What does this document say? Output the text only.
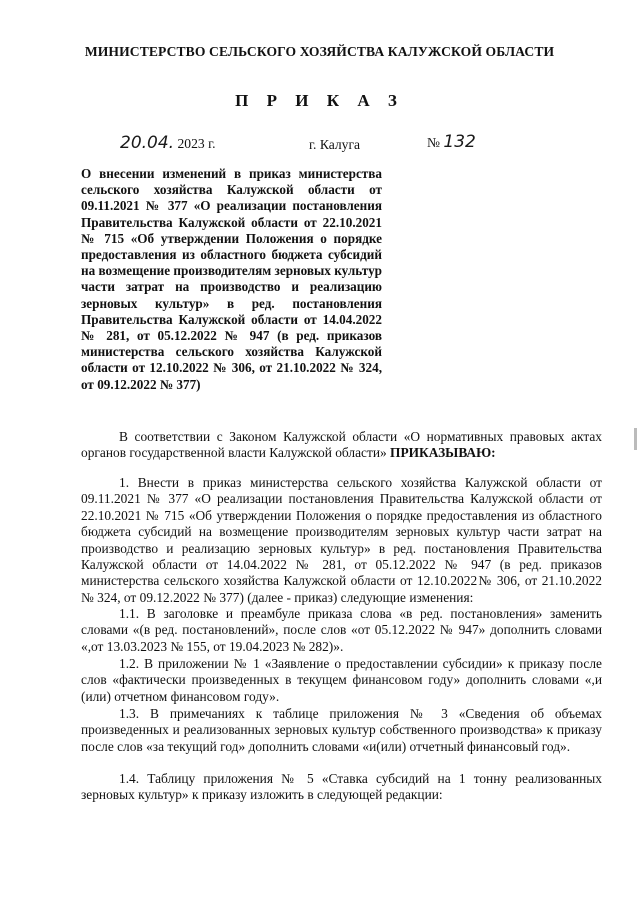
МИНИСТЕРСТВО СЕЛЬСКОГО ХОЗЯЙСТВА КАЛУЖСКОЙ ОБЛАСТИ
П Р И К А З
20.04. 2023 г.	г. Калуга	№ 132
О внесении изменений в приказ министерства сельского хозяйства Калужской области от 09.11.2021 № 377 «О реализации постановления Правительства Калужской области от 22.10.2021 № 715 «Об утверждении Положения о порядке предоставления из областного бюджета субсидий на возмещение производителям зерновых культур части затрат на производство и реализацию зерновых культур» в ред. постановления Правительства Калужской области от 14.04.2022 № 281, от 05.12.2022 № 947 (в ред. приказов министерства сельского хозяйства Калужской области от 12.10.2022 № 306, от 21.10.2022 № 324, от 09.12.2022 № 377)

В соответствии с Законом Калужской области «О нормативных правовых актах органов государственной власти Калужской области» ПРИКАЗЫВАЮ:

1. Внести в приказ министерства сельского хозяйства Калужской области от 09.11.2021 № 377 «О реализации постановления Правительства Калужской области от 22.10.2021 № 715 «Об утверждении Положения о порядке предоставления из областного бюджета субсидий на возмещение производителям зерновых культур части затрат на производство и реализацию зерновых культур» в ред. постановления Правительства Калужской области от 14.04.2022 № 281, от 05.12.2022 № 947 (в ред. приказов министерства сельского хозяйства Калужской области от 12.10.2022№ 306, от 21.10.2022 № 324, от 09.12.2022 № 377) (далее - приказ) следующие изменения:

1.1. В заголовке и преамбуле приказа слова «в ред. постановления» заменить словами «(в ред. постановлений», после слов «от 05.12.2022 № 947» дополнить словами «,от 13.03.2023 № 155, от 19.04.2023 № 282)».

1.2. В приложении № 1 «Заявление о предоставлении субсидии» к приказу после слов «фактически произведенных в текущем финансовом году» дополнить словами «,и (или) отчетном финансовом году».

1.3. В примечаниях к таблице приложения № 3 «Сведения об объемах произведенных и реализованных зерновых культур собственного производства» к приказу после слов «за текущий год» дополнить словами «и(или) отчетный финансовый год».

1.4. Таблицу приложения № 5 «Ставка субсидий на 1 тонну реализованных зерновых культур» к приказу изложить в следующей редакции:
